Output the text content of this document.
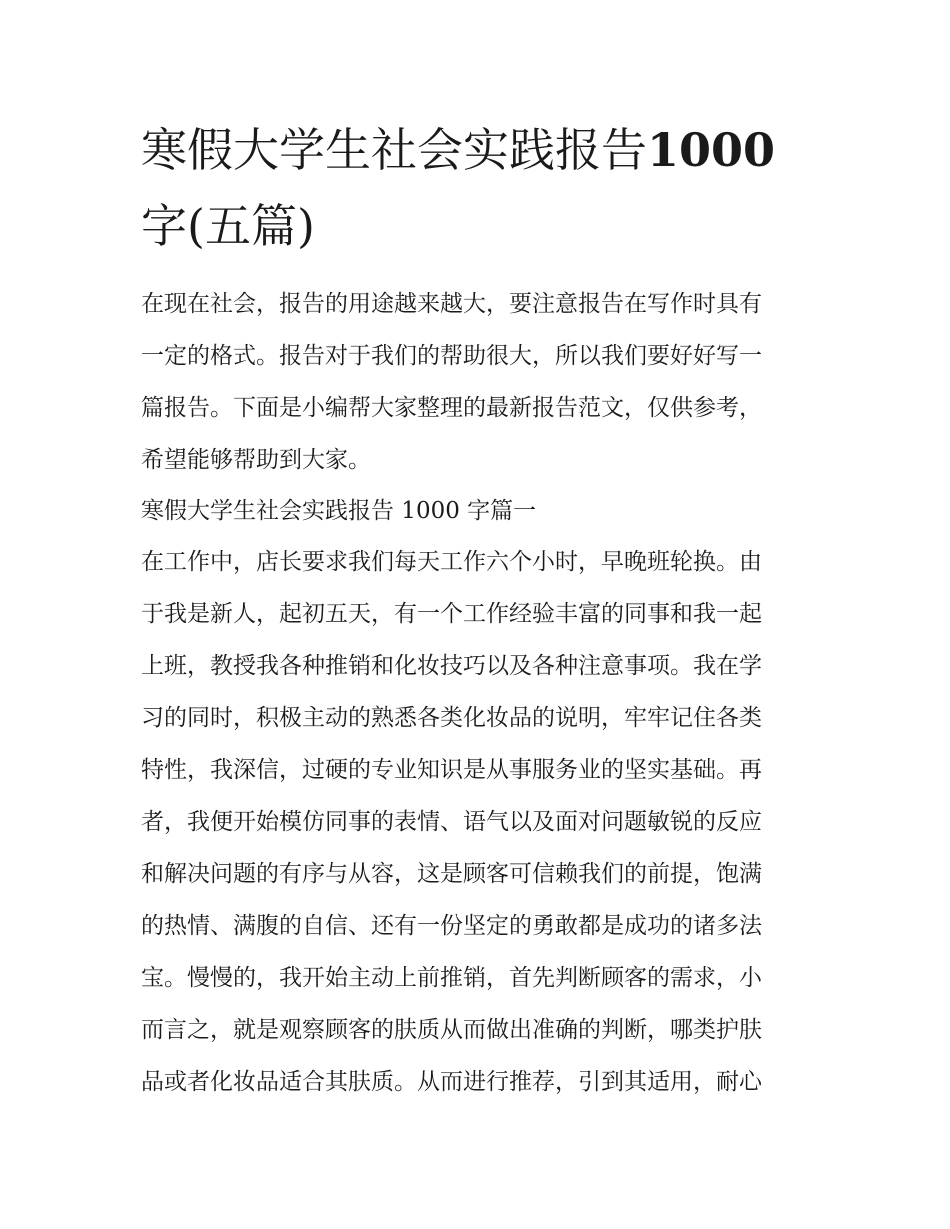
寒假大学生社会实践报告1000
字(五篇)

在现在社会，报告的用途越来越大，要注意报告在写作时具有
一定的格式。报告对于我们的帮助很大，所以我们要好好写一
篇报告。下面是小编帮大家整理的最新报告范文，仅供参考，
希望能够帮助到大家。

寒假大学生社会实践报告 1000 字篇一

在工作中，店长要求我们每天工作六个小时，早晚班轮换。由
于我是新人，起初五天，有一个工作经验丰富的同事和我一起
上班，教授我各种推销和化妆技巧以及各种注意事项。我在学
习的同时，积极主动的熟悉各类化妆品的说明，牢牢记住各类
特性，我深信，过硬的专业知识是从事服务业的坚实基础。再
者，我便开始模仿同事的表情、语气以及面对问题敏锐的反应
和解决问题的有序与从容，这是顾客可信赖我们的前提，饱满
的热情、满腹的自信、还有一份坚定的勇敢都是成功的诸多法
宝。慢慢的，我开始主动上前推销，首先判断顾客的需求，小
而言之，就是观察顾客的肤质从而做出准确的判断，哪类护肤
品或者化妆品适合其肤质。从而进行推荐，引到其适用，耐心
